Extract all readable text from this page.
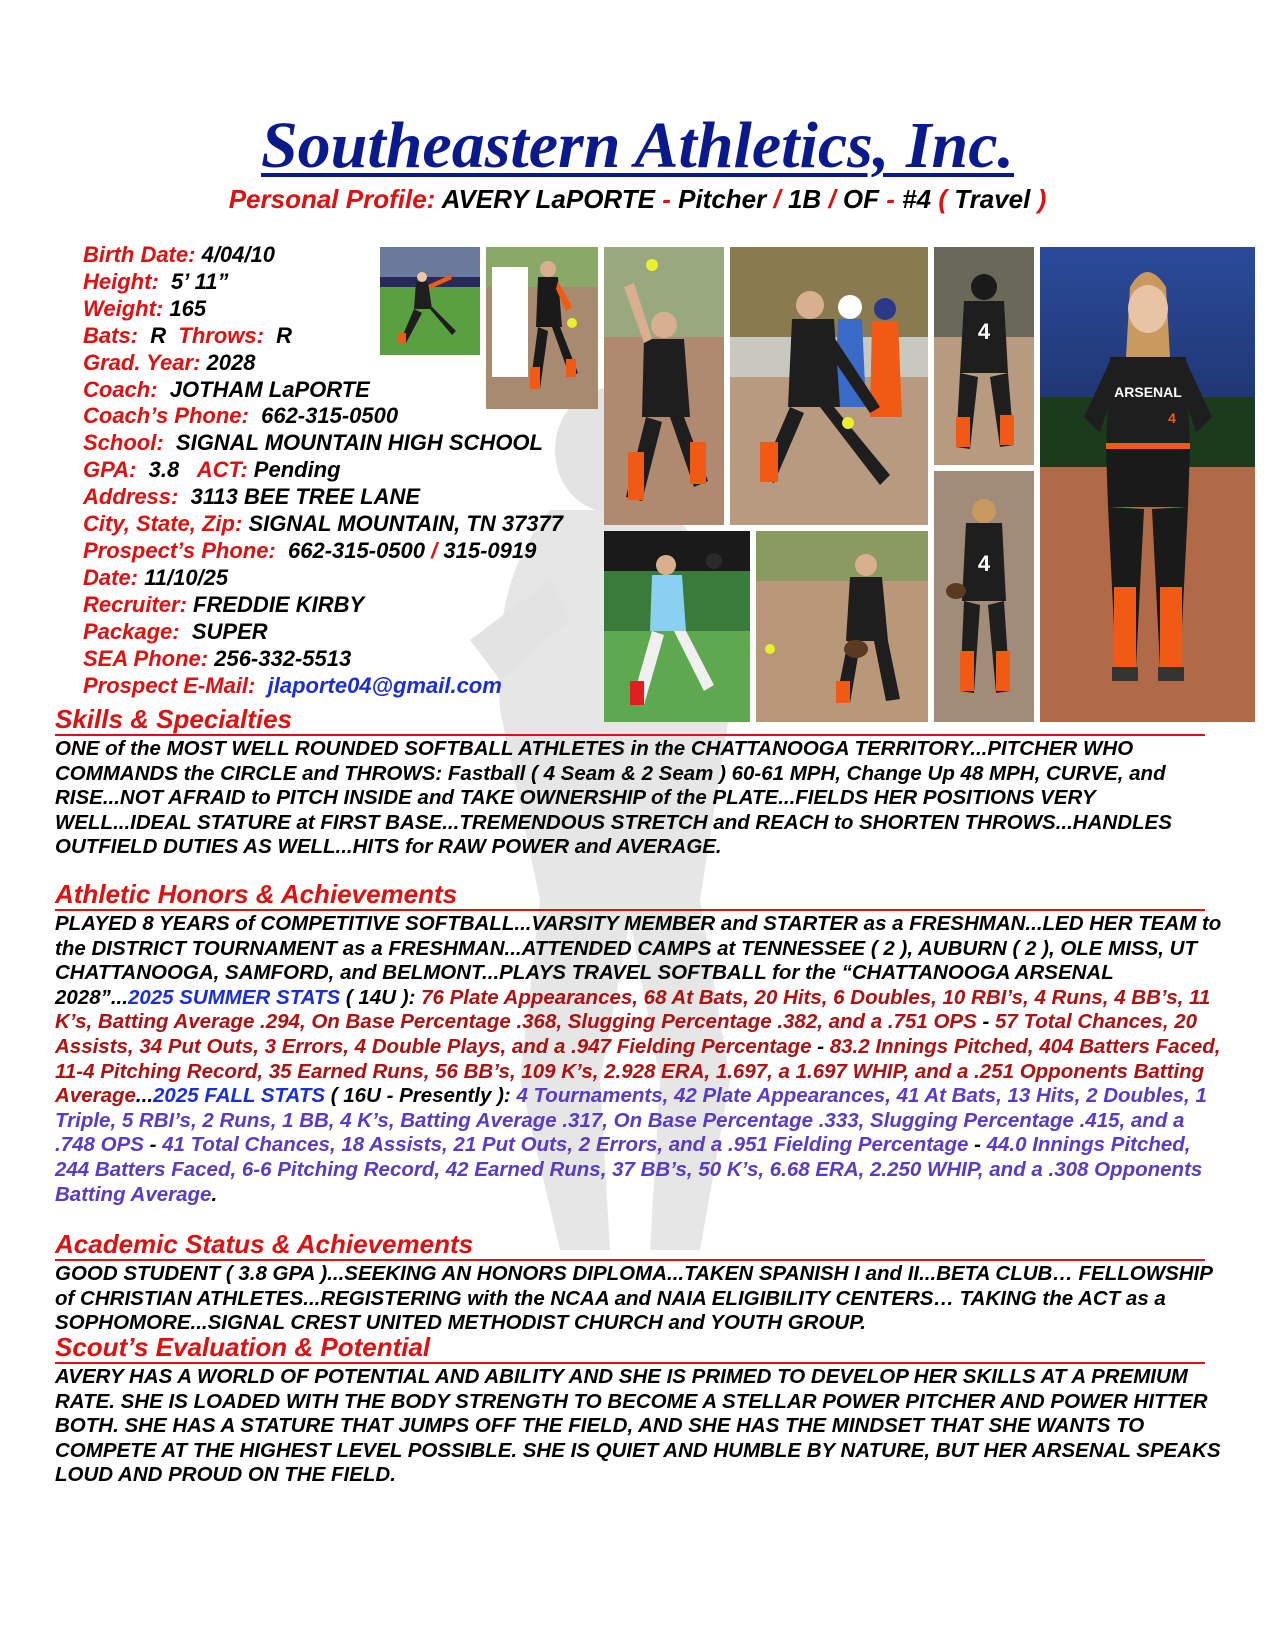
Southeastern Athletics, Inc.
Personal Profile: AVERY LaPORTE - Pitcher / 1B / OF - #4 ( Travel )
Birth Date: 4/04/10
Height: 5’ 11”
Weight: 165
Bats: R Throws: R
Grad. Year: 2028
Coach: JOTHAM LaPORTE
Coach’s Phone: 662-315-0500
School: SIGNAL MOUNTAIN HIGH SCHOOL
GPA: 3.8 ACT: Pending
Address: 3113 BEE TREE LANE
City, State, Zip: SIGNAL MOUNTAIN, TN 37377
Prospect’s Phone: 662-315-0500 / 315-0919
Date: 11/10/25
Recruiter: FREDDIE KIRBY
Package: SUPER
SEA Phone: 256-332-5513
Prospect E-Mail: jlaporte04@gmail.com
4
ARSENAL
4
4
Skills & Specialties
ONE of the MOST WELL ROUNDED SOFTBALL ATHLETES in the CHATTANOOGA TERRITORY...PITCHER WHO COMMANDS the CIRCLE and THROWS: Fastball ( 4 Seam & 2 Seam ) 60-61 MPH, Change Up 48 MPH, CURVE, and RISE...NOT AFRAID to PITCH INSIDE and TAKE OWNERSHIP of the PLATE...FIELDS HER POSITIONS VERY WELL...IDEAL STATURE at FIRST BASE...TREMENDOUS STRETCH and REACH to SHORTEN THROWS...HANDLES OUTFIELD DUTIES AS WELL...HITS for RAW POWER and AVERAGE.
Athletic Honors & Achievements
PLAYED 8 YEARS of COMPETITIVE SOFTBALL...VARSITY MEMBER and STARTER as a FRESHMAN...LED HER TEAM to the DISTRICT TOURNAMENT as a FRESHMAN...ATTENDED CAMPS at TENNESSEE ( 2 ), AUBURN ( 2 ), OLE MISS, UT CHATTANOOGA, SAMFORD, and BELMONT...PLAYS TRAVEL SOFTBALL for the “CHATTANOOGA ARSENAL 2028”...2025 SUMMER STATS ( 14U ): 76 Plate Appearances, 68 At Bats, 20 Hits, 6 Doubles, 10 RBI’s, 4 Runs, 4 BB’s, 11 K’s, Batting Average .294, On Base Percentage .368, Slugging Percentage .382, and a .751 OPS - 57 Total Chances, 20 Assists, 34 Put Outs, 3 Errors, 4 Double Plays, and a .947 Fielding Percentage - 83.2 Innings Pitched, 404 Batters Faced, 11-4 Pitching Record, 35 Earned Runs, 56 BB’s, 109 K’s, 2.928 ERA, 1.697, a 1.697 WHIP, and a .251 Opponents Batting Average...2025 FALL STATS ( 16U - Presently ): 4 Tournaments, 42 Plate Appearances, 41 At Bats, 13 Hits, 2 Doubles, 1 Triple, 5 RBI’s, 2 Runs, 1 BB, 4 K’s, Batting Average .317, On Base Percentage .333, Slugging Percentage .415, and a .748 OPS - 41 Total Chances, 18 Assists, 21 Put Outs, 2 Errors, and a .951 Fielding Percentage - 44.0 Innings Pitched, 244 Batters Faced, 6-6 Pitching Record, 42 Earned Runs, 37 BB’s, 50 K’s, 6.68 ERA, 2.250 WHIP, and a .308 Opponents Batting Average.
Academic Status & Achievements
GOOD STUDENT ( 3.8 GPA )...SEEKING AN HONORS DIPLOMA...TAKEN SPANISH I and II...BETA CLUB… FELLOWSHIP of CHRISTIAN ATHLETES...REGISTERING with the NCAA and NAIA ELIGIBILITY CENTERS… TAKING the ACT as a SOPHOMORE...SIGNAL CREST UNITED METHODIST CHURCH and YOUTH GROUP.
Scout’s Evaluation & Potential
AVERY HAS A WORLD OF POTENTIAL AND ABILITY AND SHE IS PRIMED TO DEVELOP HER SKILLS AT A PREMIUM RATE. SHE IS LOADED WITH THE BODY STRENGTH TO BECOME A STELLAR POWER PITCHER AND POWER HITTER BOTH. SHE HAS A STATURE THAT JUMPS OFF THE FIELD, AND SHE HAS THE MINDSET THAT SHE WANTS TO COMPETE AT THE HIGHEST LEVEL POSSIBLE. SHE IS QUIET AND HUMBLE BY NATURE, BUT HER ARSENAL SPEAKS LOUD AND PROUD ON THE FIELD.
